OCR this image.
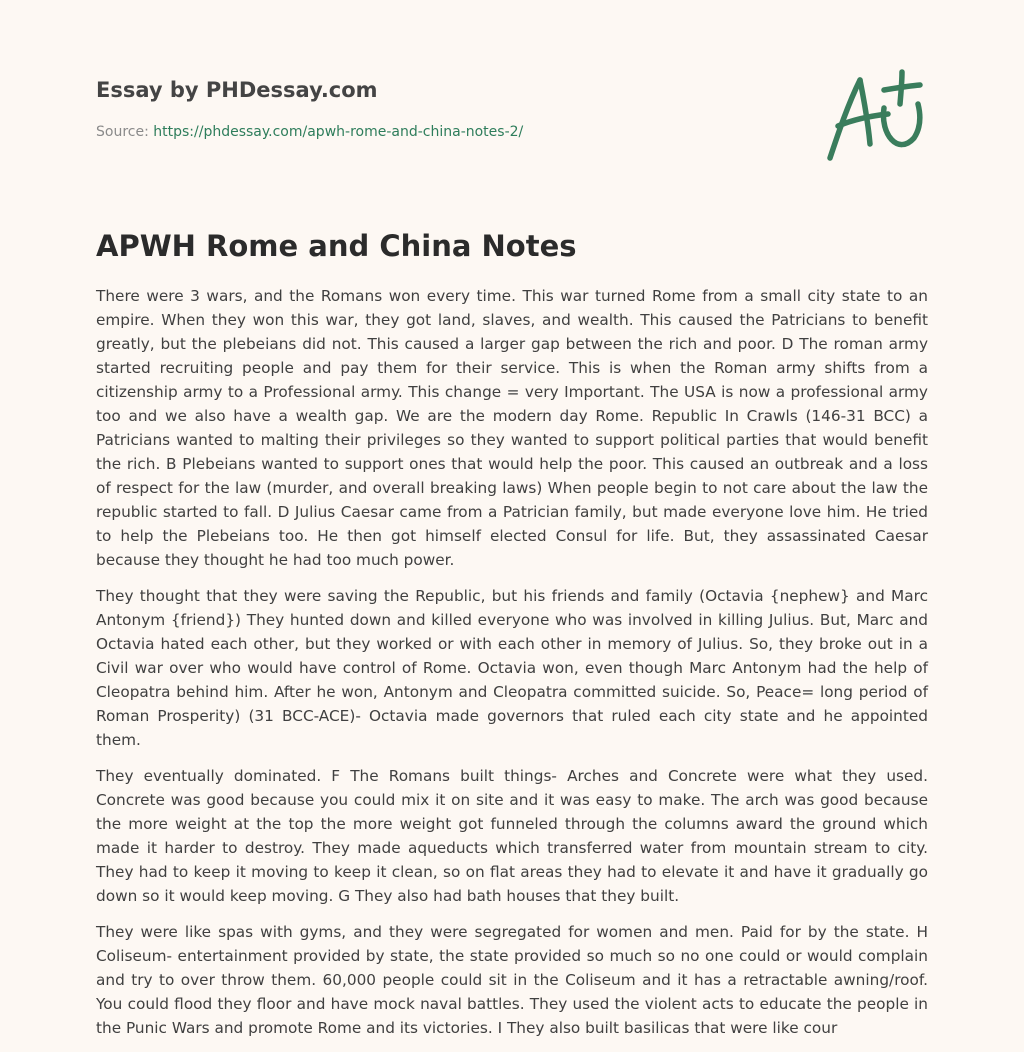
Essay by PHDessay.com
Source: https://phdessay.com/apwh-rome-and-china-notes-2/
APWH Rome and China Notes

There were 3 wars, and the Romans won every time. This war turned Rome from a small city state to an empire. When they won this war, they got land, slaves, and wealth. This caused the Patricians to benefit greatly, but the plebeians did not. This caused a larger gap between the rich and poor. D The roman army started recruiting people and pay them for their service. This is when the Roman army shifts from a citizenship army to a Professional army. This change = very Important. The USA is now a professional army too and we also have a wealth gap. We are the modern day Rome. Republic In Crawls (146-31 BCC) a Patricians wanted to malting their privileges so they wanted to support political parties that would benefit the rich. B Plebeians wanted to support ones that would help the poor. This caused an outbreak and a loss of respect for the law (murder, and overall breaking laws) When people begin to not care about the law the republic started to fall. D Julius Caesar came from a Patrician family, but made everyone love him. He tried to help the Plebeians too. He then got himself elected Consul for life. But, they assassinated Caesar because they thought he had too much power.

They thought that they were saving the Republic, but his friends and family (Octavia {nephew} and Marc Antonym {friend}) They hunted down and killed everyone who was involved in killing Julius. But, Marc and Octavia hated each other, but they worked or with each other in memory of Julius. So, they broke out in a Civil war over who would have control of Rome. Octavia won, even though Marc Antonym had the help of Cleopatra behind him. After he won, Antonym and Cleopatra committed suicide. So, Peace= long period of Roman Prosperity) (31 BCC-ACE)- Octavia made governors that ruled each city state and he appointed them.

They eventually dominated. F The Romans built things- Arches and Concrete were what they used. Concrete was good because you could mix it on site and it was easy to make. The arch was good because the more weight at the top the more weight got funneled through the columns award the ground which made it harder to destroy. They made aqueducts which transferred water from mountain stream to city. They had to keep it moving to keep it clean, so on flat areas they had to elevate it and have it gradually go down so it would keep moving. G They also had bath houses that they built.

They were like spas with gyms, and they were segregated for women and men. Paid for by the state. H Coliseum- entertainment provided by state, the state provided so much so no one could or would complain and try to over throw them. 60,000 people could sit in the Coliseum and it has a retractable awning/roof. You could flood they floor and have mock naval battles. They used the violent acts to educate the people in the Punic Wars and promote Rome and its victories. I They also built basilicas that were like cour
